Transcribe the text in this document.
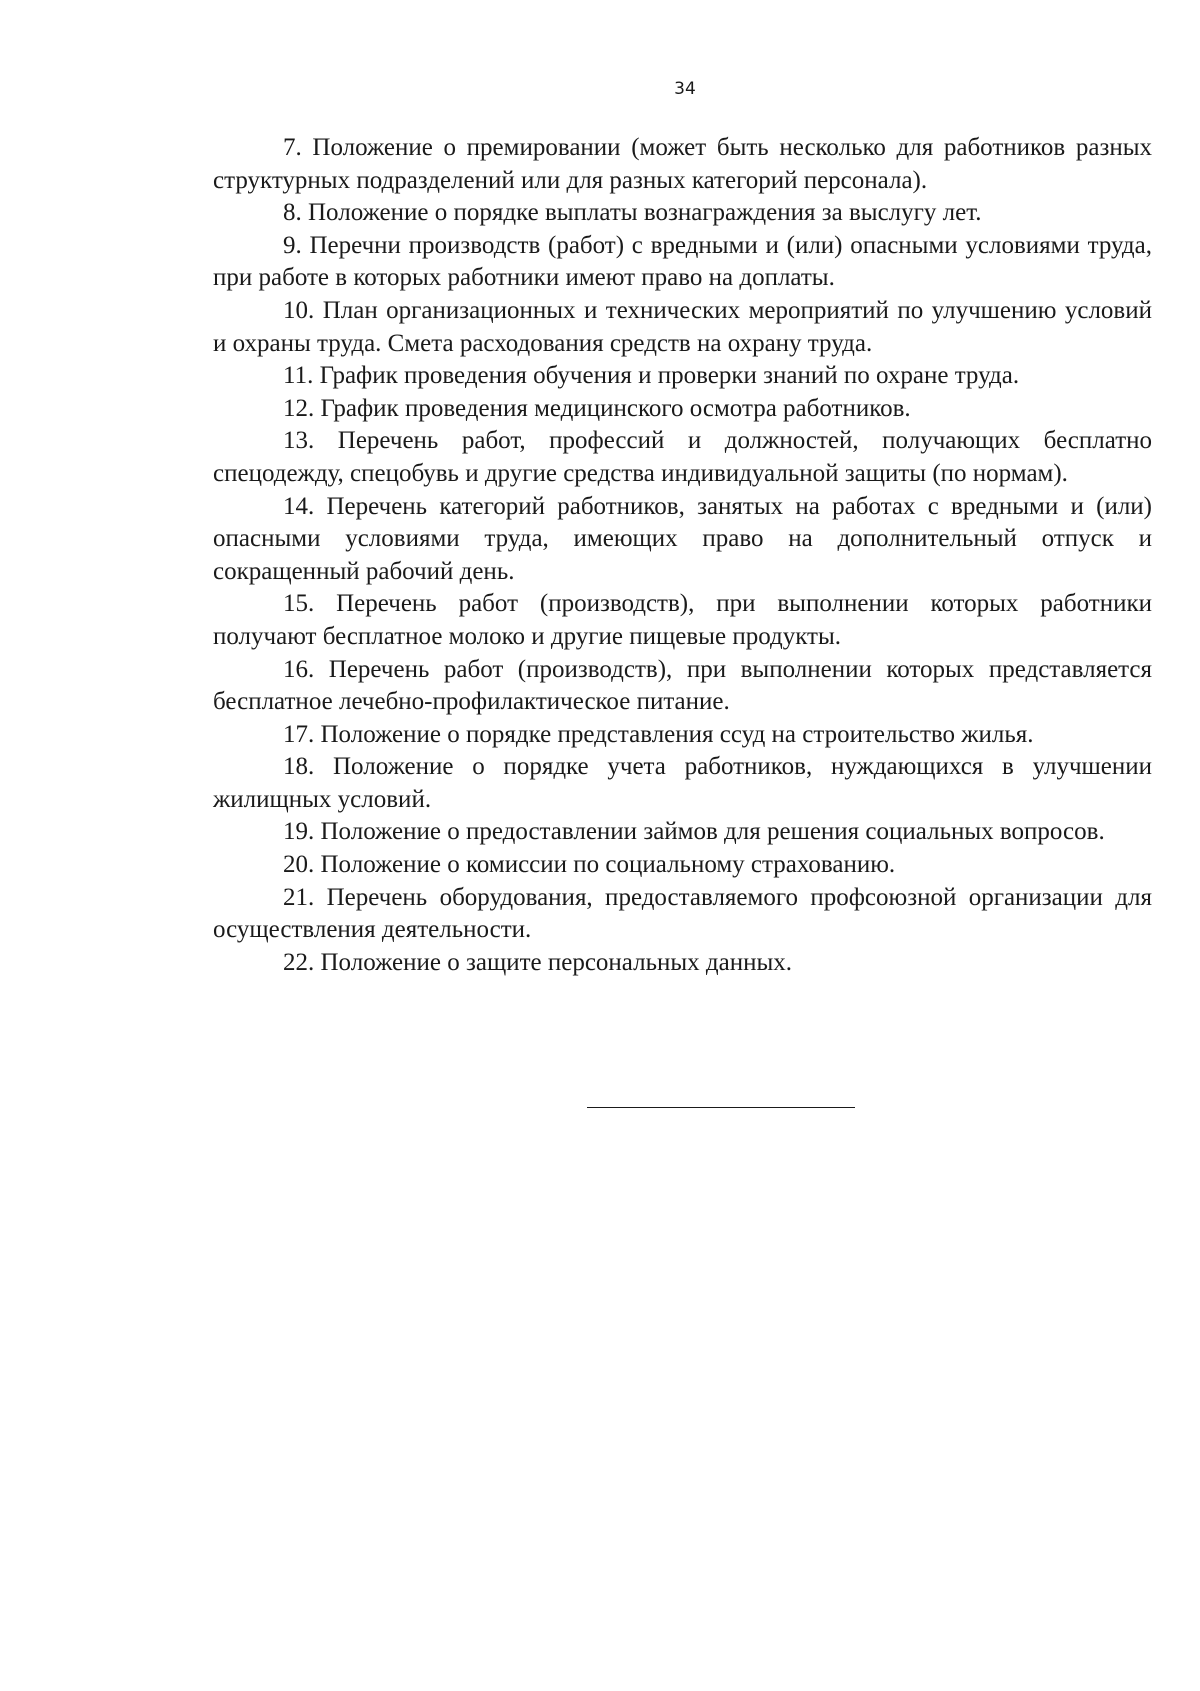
34

7. Положение о премировании (может быть несколько для работников разных структурных подразделений или для разных категорий персонала).

8. Положение о порядке выплаты вознаграждения за выслугу лет.

9. Перечни производств (работ) с вредными и (или) опасными условиями труда, при работе в которых работники имеют право на доплаты.

10. План организационных и технических мероприятий по улучшению условий и охраны труда. Смета расходования средств на охрану труда.

11. График проведения обучения и проверки знаний по охране труда.

12. График проведения медицинского осмотра работников.

13. Перечень работ, профессий и должностей, получающих бесплатно спецодежду, спецобувь и другие средства индивидуальной защиты (по нормам).

14. Перечень категорий работников, занятых на работах с вредными и (или) опасными условиями труда, имеющих право на дополнительный отпуск и сокращенный рабочий день.

15. Перечень работ (производств), при выполнении которых работники получают бесплатное молоко и другие пищевые продукты.

16. Перечень работ (производств), при выполнении которых представляется бесплатное лечебно-профилактическое питание.

17. Положение о порядке представления ссуд на строительство жилья.

18. Положение о порядке учета работников, нуждающихся в улучшении жилищных условий.

19. Положение о предоставлении займов для решения социальных вопросов.

20. Положение о комиссии по социальному страхованию.

21. Перечень оборудования, предоставляемого профсоюзной организации для осуществления деятельности.

22. Положение о защите персональных данных.
